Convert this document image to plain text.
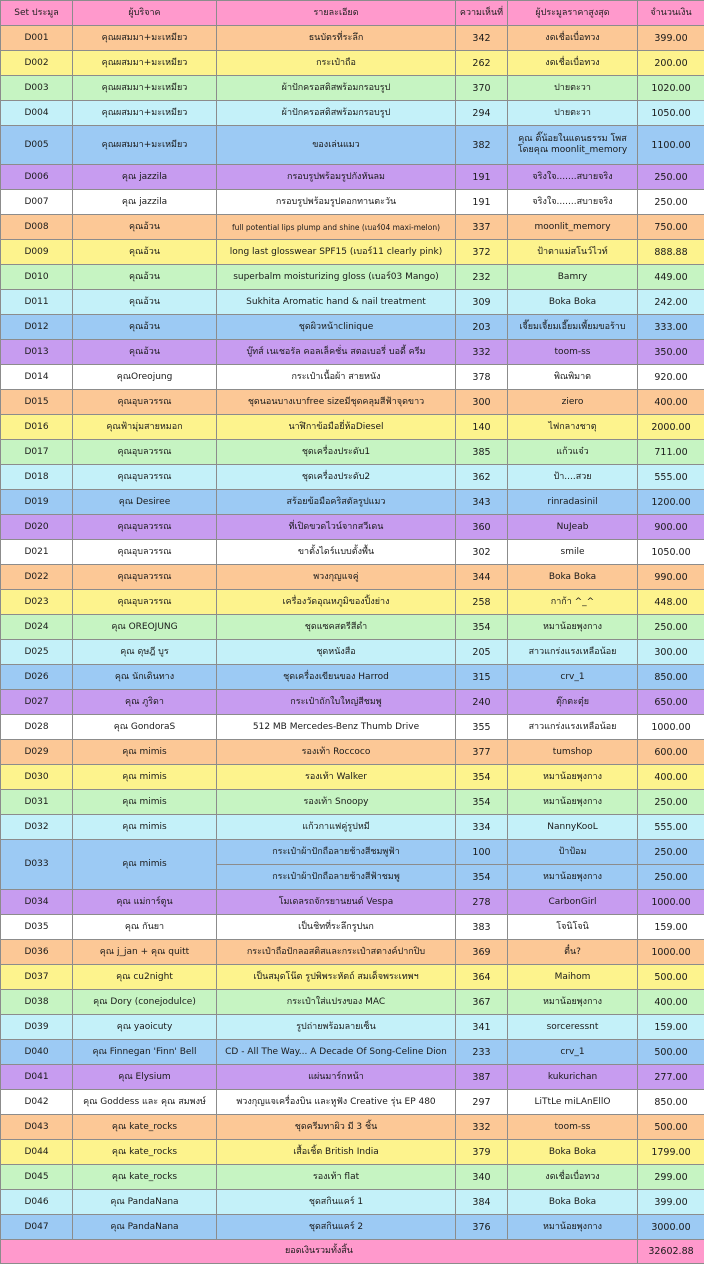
Set ประมูล	ผู้บริจาค	รายละเอียด	ความเห็นที่	ผู้ประมูลราคาสูงสุด	จำนวนเงิน
D001	คุณผสมมา+มะเหมียว	ธนบัตรที่ระลึก	342	งดเชื่อเบื่อทวง	399.00
D002	คุณผสมมา+มะเหมียว	กระเป๋าถือ	262	งดเชื่อเบื่อทวง	200.00
D003	คุณผสมมา+มะเหมียว	ผ้าปักครอสติสพร้อมกรอบรูป	370	ปายตะวา	1020.00
D004	คุณผสมมา+มะเหมียว	ผ้าปักครอสติสพร้อมกรอบรูป	294	ปายตะวา	1050.00
D005	คุณผสมมา+มะเหมียว	ของเล่นแมว	382	คุณ ติ๊น้อยในแดนธรรม โพส โดยคุณ moonlit_memory	1100.00
D006	คุณ jazzila	กรอบรูปพร้อมรูปกังหันลม	191	จริงใจ.......สบายจริง	250.00
D007	คุณ jazzila	กรอบรูปพร้อมรูปดอกทานตะวัน	191	จริงใจ.......สบายจริง	250.00
D008	คุณอ้วน	full potential lips plump and shine (เบอร์04 maxi-melon)	337	moonlit_memory	750.00
D009	คุณอ้วน	long last glosswear SPF15 (เบอร์11 clearly pink)	372	ป้าตาแม่สโนว์ไวท์	888.88
D010	คุณอ้วน	superbalm moisturizing gloss (เบอร์03 Mango)	232	Bamry	449.00
D011	คุณอ้วน	Sukhita Aromatic hand & nail treatment	309	Boka Boka	242.00
D012	คุณอ้วน	ชุดผิวหน้าclinique	203	เจี๊ยมเจี้ยมเอี๊ยมเพี้ยมขอร้าบ	333.00
D013	คุณอ้วน	บู๊ทส์ เนเชอรัล คอลเล็คชั่น สตอเบอรี่ บอดี้ ครีม	332	toom-ss	350.00
D014	คุณOreojung	กระเป๋าเนื้อผ้า สายหนัง	378	พิณพิมาต	920.00
D015	คุณอุบลวรรณ	ชุดนอนบางเบาfree sizeมีชุดคลุมสีฟ้าจุดขาว	300	ziero	400.00
D016	คุณฟ้ามุ่มสายหมอก	นาฬิกาข้อมือยี่ห้อDiesel	140	ไฟกลางชาตุ	2000.00
D017	คุณอุบลวรรณ	ชุดเครื่องประดับ1	385	แก้วแจ๋ว	711.00
D018	คุณอุบลวรรณ	ชุดเครื่องประดับ2	362	ป้า....สวย	555.00
D019	คุณ Desiree	สร้อยข้อมือคริสตัลรูปแมว	343	rinradasinil	1200.00
D020	คุณอุบลวรรณ	ที่เปิดขวดไวน์จากสวีเดน	360	NuJeab	900.00
D021	คุณอุบลวรรณ	ขาตั้งไดร์แบบตั้งพื้น	302	smile	1050.00
D022	คุณอุบลวรรณ	พวงกุญแจคู่	344	Boka Boka	990.00
D023	คุณอุบลวรรณ	เครื่องวัดอุณหภูมิของปิ้งย่าง	258	กาก้า ^_^	448.00
D024	คุณ OREOJUNG	ชุดแซคสตรีสีดำ	354	หมาน้อยพุงกาง	250.00
D025	คุณ ดุษฎี บูร	ชุดหนังสือ	205	สาวแกร่งแรงเหลือน้อย	300.00
D026	คุณ นักเดินทาง	ชุดเครื่องเขียนของ Harrod	315	crv_1	850.00
D027	คุณ ภูริดา	กระเป๋าถักใบใหญ่สีชมพู	240	ตุ๊กตะตุ๋ย	650.00
D028	คุณ GondoraS	512 MB Mercedes-Benz Thumb Drive	355	สาวแกร่งแรงเหลือน้อย	1000.00
D029	คุณ mimis	รองเท้า Roccoco	377	tumshop	600.00
D030	คุณ mimis	รองเท้า Walker	354	หมาน้อยพุงกาง	400.00
D031	คุณ mimis	รองเท้า Snoopy	354	หมาน้อยพุงกาง	250.00
D032	คุณ mimis	แก้วกาแฟคู่รูปหมี	334	NannyKooL	555.00
D033	คุณ mimis	กระเป๋าผ้าปักถือลายช้างสีชมพูฟ้า	100	ป้าป้อม	250.00
		กระเป๋าผ้าปักถือลายช้างสีฟ้าชมพู	354	หมาน้อยพุงกาง	250.00
D034	คุณ แม่การ์ตูน	โมเดลรถจักรยานยนต์ Vespa	278	CarbonGirl	1000.00
D035	คุณ กันยา	เป็นชิทที่ระลึกรูปนก	383	โจนิโจนิ	159.00
D036	คุณ j_jan + คุณ quitt	กระเป๋าถือปักลอสติสและกระเป๋าสตางค์ปากปิบ	369	ตื๋น?	1000.00
D037	คุณ cu2night	เป็นสมุดโน๊ต รูปพิพระหัตถ์ สมเด็จพระเทพฯ	364	Maihom	500.00
D038	คุณ Dory (conejodulce)	กระเป๋าใส่แปรงของ MAC	367	หมาน้อยพุงกาง	400.00
D039	คุณ yaoicuty	รูปถ่ายพร้อมลายเซ็น	341	sorceressnt	159.00
D040	คุณ Finnegan 'Finn' Bell	CD - All The Way... A Decade Of Song-Celine Dion	233	crv_1	500.00
D041	คุณ Elysium	แผ่นมาร์กหน้า	387	kukurichan	277.00
D042	คุณ Goddess และ คุณ สมพงษ์	พวงกุญแจเครื่องบิน และหูฟัง Creative รุ่น EP 480	297	LiTtLe miLAnEllO	850.00
D043	คุณ kate_rocks	ชุดครีมทาผิว มี 3 ชิ้น	332	toom-ss	500.00
D044	คุณ kate_rocks	เสื้อเชิ้ต British India	379	Boka Boka	1799.00
D045	คุณ kate_rocks	รองเท้า flat	340	งดเชื่อเบื่อทวง	299.00
D046	คุณ PandaNana	ชุดสกินแคร์ 1	384	Boka Boka	399.00
D047	คุณ PandaNana	ชุดสกินแคร์ 2	376	หมาน้อยพุงกาง	3000.00
ยอดเงินรวมทั้งสิ้น					32602.88
